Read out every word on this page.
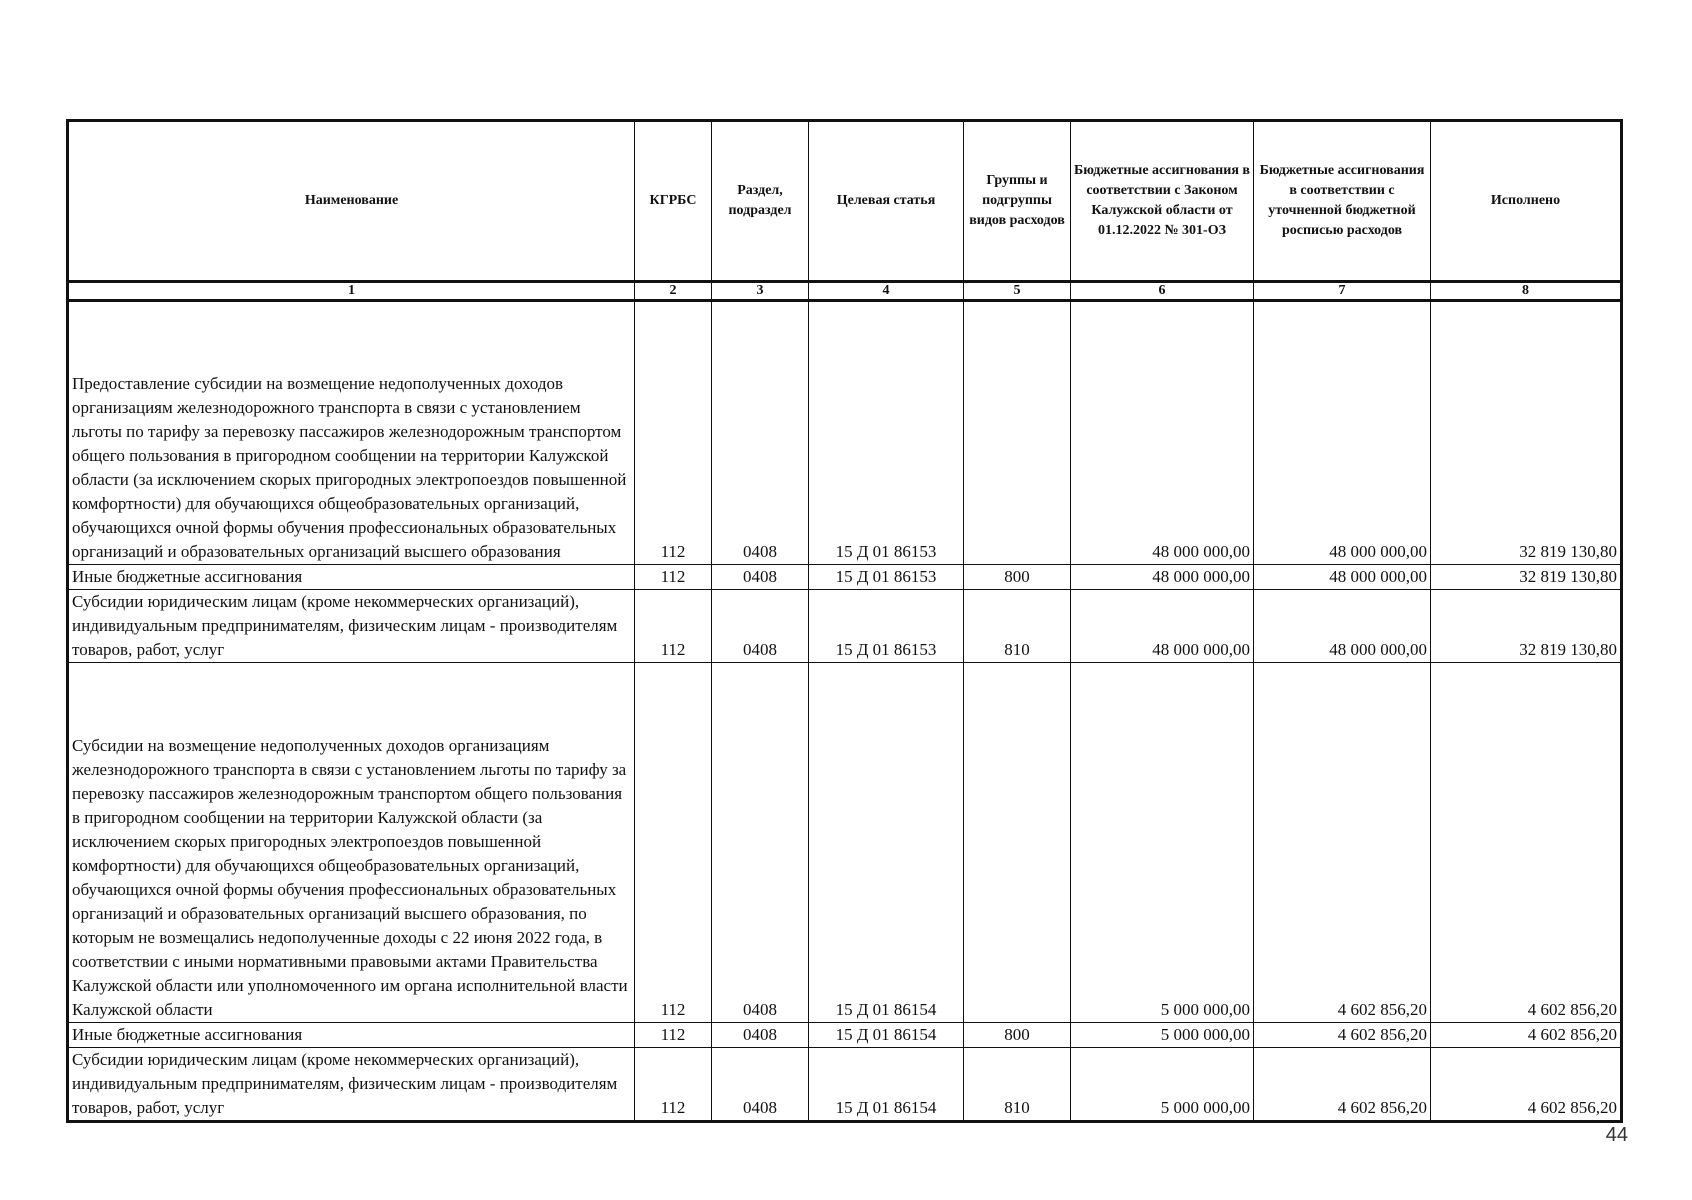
Наименование	КГРБС	Раздел, подраздел	Целевая статья	Группы и подгруппы видов расходов	Бюджетные ассигнования в соответствии с Законом Калужской области от 01.12.2022 № 301-ОЗ	Бюджетные ассигнования в соответствии с уточненной бюджетной росписью расходов	Исполнено
1	2	3	4	5	6	7	8
Предоставление субсидии на возмещение недополученных доходов организациям железнодорожного транспорта в связи с установлением льготы по тарифу за перевозку пассажиров железнодорожным транспортом общего пользования в пригородном сообщении на территории Калужской области (за исключением скорых пригородных электропоездов повышенной комфортности) для обучающихся общеобразовательных организаций, обучающихся очной формы обучения профессиональных образовательных организаций и образовательных организаций высшего образования	112	0408	15 Д 01 86153		48 000 000,00	48 000 000,00	32 819 130,80
Иные бюджетные ассигнования	112	0408	15 Д 01 86153	800	48 000 000,00	48 000 000,00	32 819 130,80
Субсидии юридическим лицам (кроме некоммерческих организаций), индивидуальным предпринимателям, физическим лицам - производителям товаров, работ, услуг	112	0408	15 Д 01 86153	810	48 000 000,00	48 000 000,00	32 819 130,80
Субсидии на возмещение недополученных доходов организациям железнодорожного транспорта в связи с установлением льготы по тарифу за перевозку пассажиров железнодорожным транспортом общего пользования в пригородном сообщении на территории Калужской области (за исключением скорых пригородных электропоездов повышенной комфортности) для обучающихся общеобразовательных организаций, обучающихся очной формы обучения профессиональных образовательных организаций и образовательных организаций высшего образования, по которым не возмещались недополученные доходы с 22 июня 2022 года, в соответствии с иными нормативными правовыми актами Правительства Калужской области или уполномоченного им органа исполнительной власти Калужской области	112	0408	15 Д 01 86154		5 000 000,00	4 602 856,20	4 602 856,20
Иные бюджетные ассигнования	112	0408	15 Д 01 86154	800	5 000 000,00	4 602 856,20	4 602 856,20
Субсидии юридическим лицам (кроме некоммерческих организаций), индивидуальным предпринимателям, физическим лицам - производителям товаров, работ, услуг	112	0408	15 Д 01 86154	810	5 000 000,00	4 602 856,20	4 602 856,20
44
